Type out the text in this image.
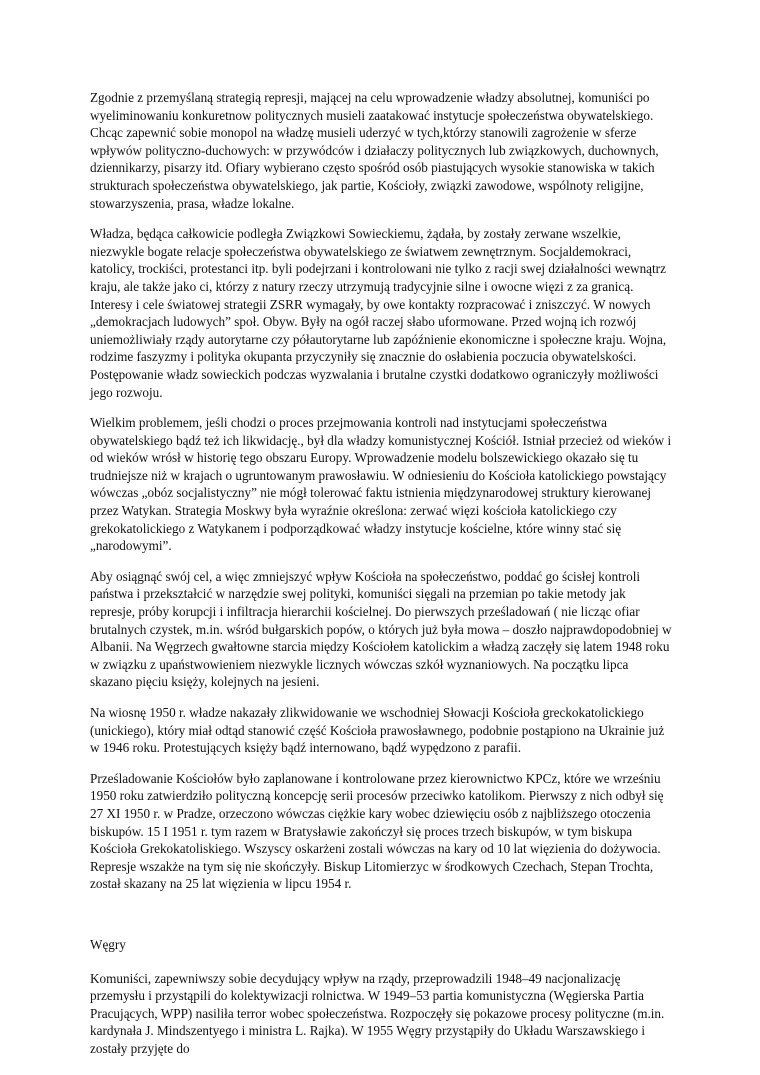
Zgodnie z przemyślaną strategią represji, mającej na celu wprowadzenie władzy absolutnej, komuniści po wyeliminowaniu konkuretnow politycznych musieli zaatakować instytucje społeczeństwa obywatelskiego. Chcąc zapewnić sobie monopol na władzę musieli uderzyć w tych,którzy stanowili zagrożenie w sferze wpływów polityczno-duchowych: w przywódców i działaczy politycznych lub związkowych, duchownych, dziennikarzy, pisarzy itd. Ofiary wybierano często spośród osób piastujących wysokie stanowiska w takich strukturach społeczeństwa obywatelskiego, jak partie, Kościoły, związki zawodowe, wspólnoty religijne, stowarzyszenia, prasa, władze lokalne.

Władza, będąca całkowicie podległa Związkowi Sowieckiemu, żądała, by zostały zerwane wszelkie, niezwykle bogate relacje społeczeństwa obywatelskiego ze światwem zewnętrznym. Socjaldemokraci, katolicy, trockiści, protestanci itp. byli podejrzani i kontrolowani nie tylko z racji swej działalności wewnątrz kraju, ale także jako ci, którzy z natury rzeczy utrzymują tradycyjnie silne i owocne więzi z za granicą. Interesy i cele światowej strategii ZSRR wymagały, by owe kontakty rozpracować i zniszczyć. W nowych „demokracjach ludowych” społ. Obyw. Były na ogół raczej słabo uformowane. Przed wojną ich rozwój uniemożliwiały rządy autorytarne czy półautorytarne lub zapóźnienie ekonomiczne i społeczne kraju. Wojna, rodzime faszyzmy i polityka okupanta przyczyniły się znacznie do osłabienia poczucia obywatelskości. Postępowanie władz sowieckich podczas wyzwalania i brutalne czystki dodatkowo ograniczyły możliwości jego rozwoju.

Wielkim problemem, jeśli chodzi o proces przejmowania kontroli nad instytucjami społeczeństwa obywatelskiego bądź też ich likwidację., był dla władzy komunistycznej Kościół. Istniał przecież od wieków i od wieków wrósł w historię tego obszaru Europy. Wprowadzenie modelu bolszewickiego okazało się tu trudniejsze niż w krajach o ugruntowanym prawosławiu. W odniesieniu do Kościoła katolickiego powstający wówczas „obóz socjalistyczny” nie mógł tolerować faktu istnienia międzynarodowej struktury kierowanej przez Watykan. Strategia Moskwy była wyraźnie określona: zerwać więzi kościoła katolickiego czy grekokatolickiego z Watykanem i podporządkować władzy instytucje kościelne, które winny stać się „narodowymi”.

Aby osiągnąć swój cel, a więc zmniejszyć wpływ Kościoła na społeczeństwo, poddać go ścisłej kontroli państwa i przekształcić w narzędzie swej polityki, komuniści sięgali na przemian po takie metody jak represje, próby korupcji i infiltracja hierarchii kościelnej. Do pierwszych prześladowań ( nie licząc ofiar brutalnych czystek, m.in. wśród bułgarskich popów, o których już była mowa – doszło najprawdopodobniej w Albanii. Na Węgrzech gwałtowne starcia między Kościołem katolickim a władzą zaczęły się latem 1948 roku w związku z upaństwowieniem niezwykle licznych wówczas szkół wyznaniowych. Na początku lipca skazano pięciu księży, kolejnych na jesieni.

Na wiosnę 1950 r. władze nakazały zlikwidowanie we wschodniej Słowacji Kościoła greckokatolickiego (unickiego), który miał odtąd stanowić część Kościoła prawosławnego, podobnie postąpiono na Ukrainie już w 1946 roku. Protestujących księży bądź internowano, bądź wypędzono z parafii.

Prześladowanie Kościołów było zaplanowane i kontrolowane przez kierownictwo KPCz, które we wrześniu 1950 roku zatwierdziło polityczną koncepcję serii procesów przeciwko katolikom. Pierwszy z nich odbył się 27 XI 1950 r. w Pradze, orzeczono wówczas ciężkie kary wobec dziewięciu osób z najbliższego otoczenia biskupów. 15 I 1951 r. tym razem w Bratysławie zakończył się proces trzech biskupów, w tym biskupa Kościoła Grekokatoliskiego. Wszyscy oskarżeni zostali wówczas na kary od 10 lat więzienia do dożywocia. Represje wszakże na tym się nie skończyły. Biskup Litomierzyc w środkowych Czechach, Stepan Trochta, został skazany na 25 lat więzienia w lipcu 1954 r.

Węgry

Komuniści, zapewniwszy sobie decydujący wpływ na rządy, przeprowadzili 1948–49 nacjonalizację przemysłu i przystąpili do kolektywizacji rolnictwa. W 1949–53 partia komunistyczna (Węgierska Partia Pracujących, WPP) nasiliła terror wobec społeczeństwa. Rozpoczęły się pokazowe procesy polityczne (m.in. kardynała J. Mindszentyego i ministra L. Rajka). W 1955 Węgry przystąpiły do Układu Warszawskiego i zostały przyjęte do
